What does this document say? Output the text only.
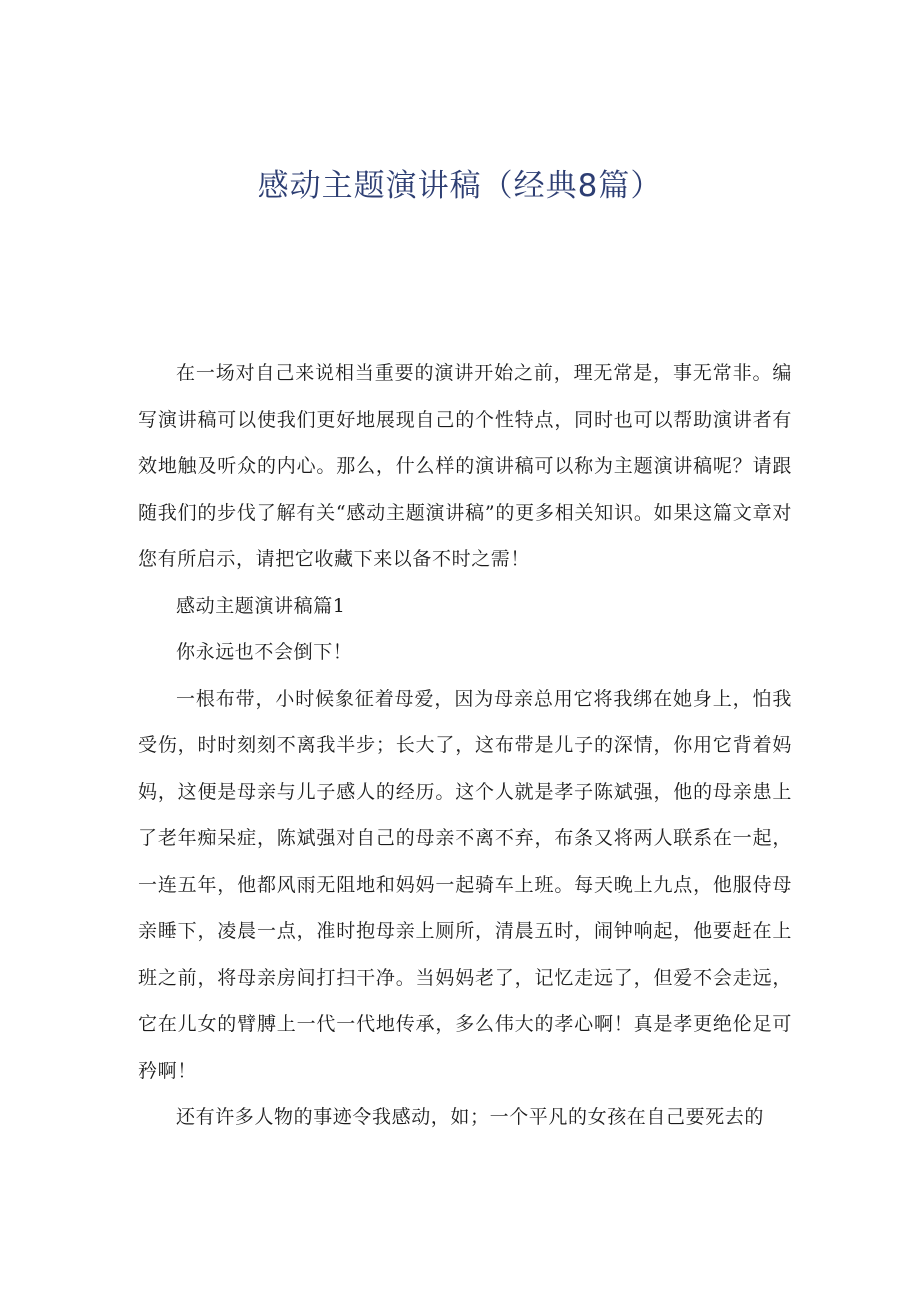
感动主题演讲稿（经典8篇）

在一场对自己来说相当重要的演讲开始之前，理无常是，事无常非。编写演讲稿可以使我们更好地展现自己的个性特点，同时也可以帮助演讲者有效地触及听众的内心。那么，什么样的演讲稿可以称为主题演讲稿呢？请跟随我们的步伐了解有关“感动主题演讲稿”的更多相关知识。如果这篇文章对您有所启示，请把它收藏下来以备不时之需！

感动主题演讲稿篇1

你永远也不会倒下！

一根布带，小时候象征着母爱，因为母亲总用它将我绑在她身上，怕我受伤，时时刻刻不离我半步；长大了，这布带是儿子的深情，你用它背着妈妈，这便是母亲与儿子感人的经历。这个人就是孝子陈斌强，他的母亲患上了老年痴呆症，陈斌强对自己的母亲不离不弃，布条又将两人联系在一起，一连五年，他都风雨无阻地和妈妈一起骑车上班。每天晚上九点，他服侍母亲睡下，凌晨一点，准时抱母亲上厕所，清晨五时，闹钟响起，他要赶在上班之前，将母亲房间打扫干净。当妈妈老了，记忆走远了，但爱不会走远，它在儿女的臂膊上一代一代地传承，多么伟大的孝心啊！真是孝更绝伦足可矜啊！

还有许多人物的事迹令我感动，如；一个平凡的女孩在自己要死去的
